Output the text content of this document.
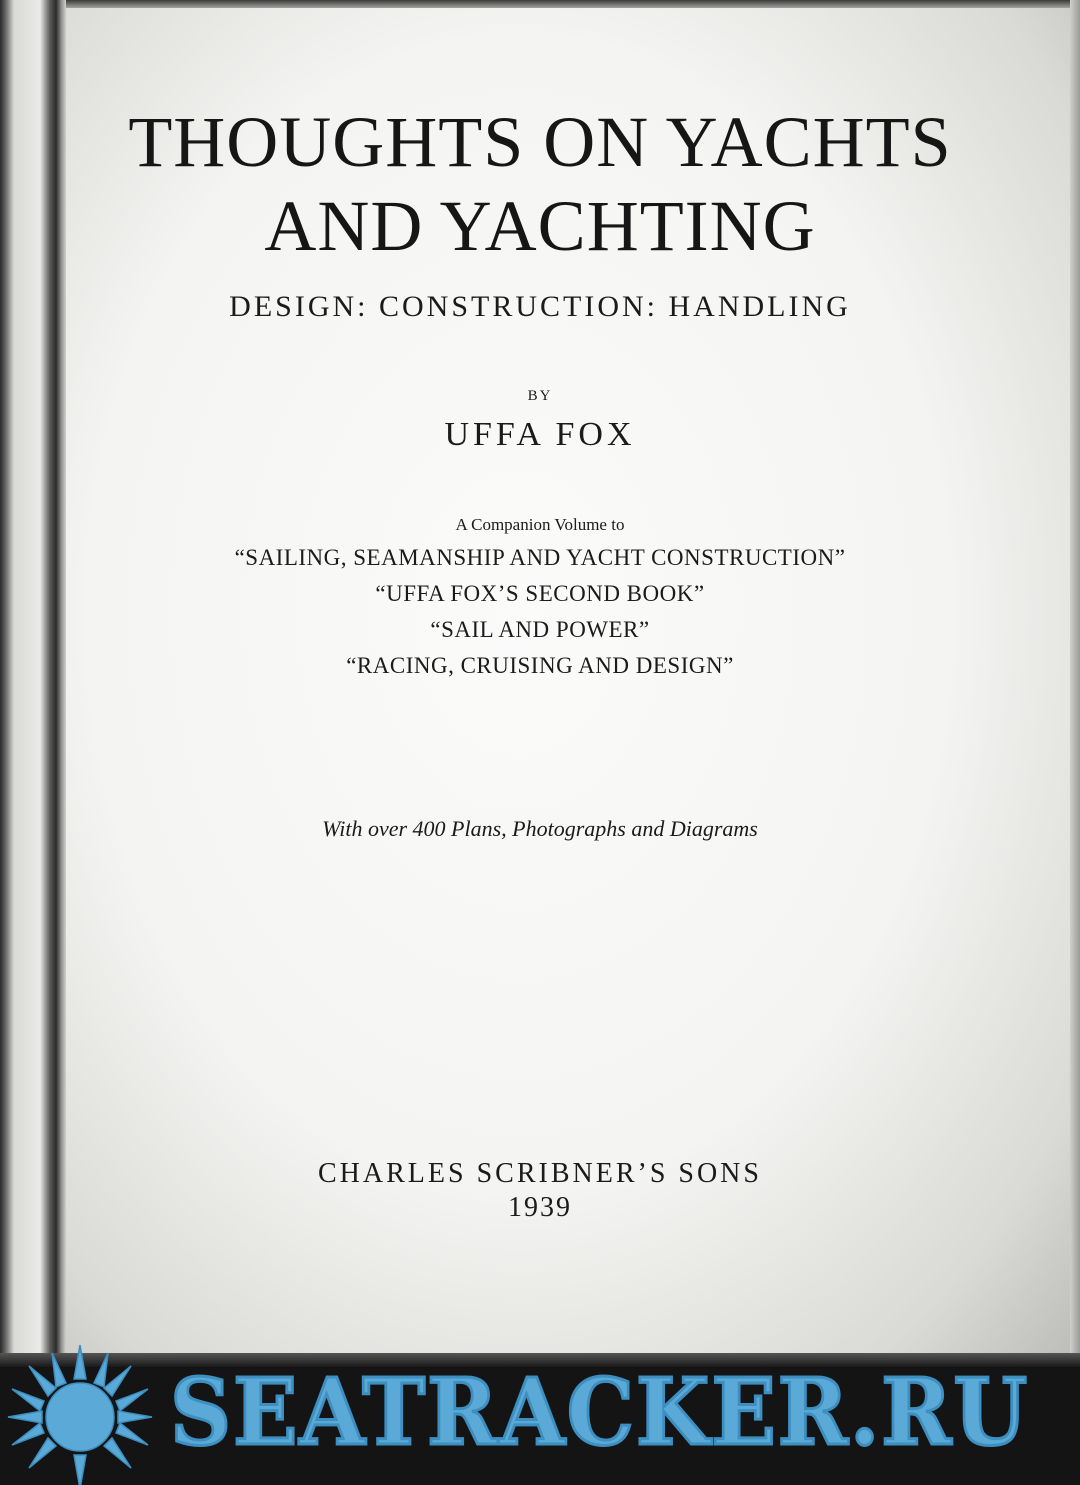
THOUGHTS ON YACHTS
AND YACHTING
DESIGN: CONSTRUCTION: HANDLING
BY
UFFA FOX
A Companion Volume to
“SAILING, SEAMANSHIP AND YACHT CONSTRUCTION”
“UFFA FOX’S SECOND BOOK”
“SAIL AND POWER”
“RACING, CRUISING AND DESIGN”
With over 400 Plans, Photographs and Diagrams
CHARLES SCRIBNER’S SONS
1939
SEATRACKER.RU
